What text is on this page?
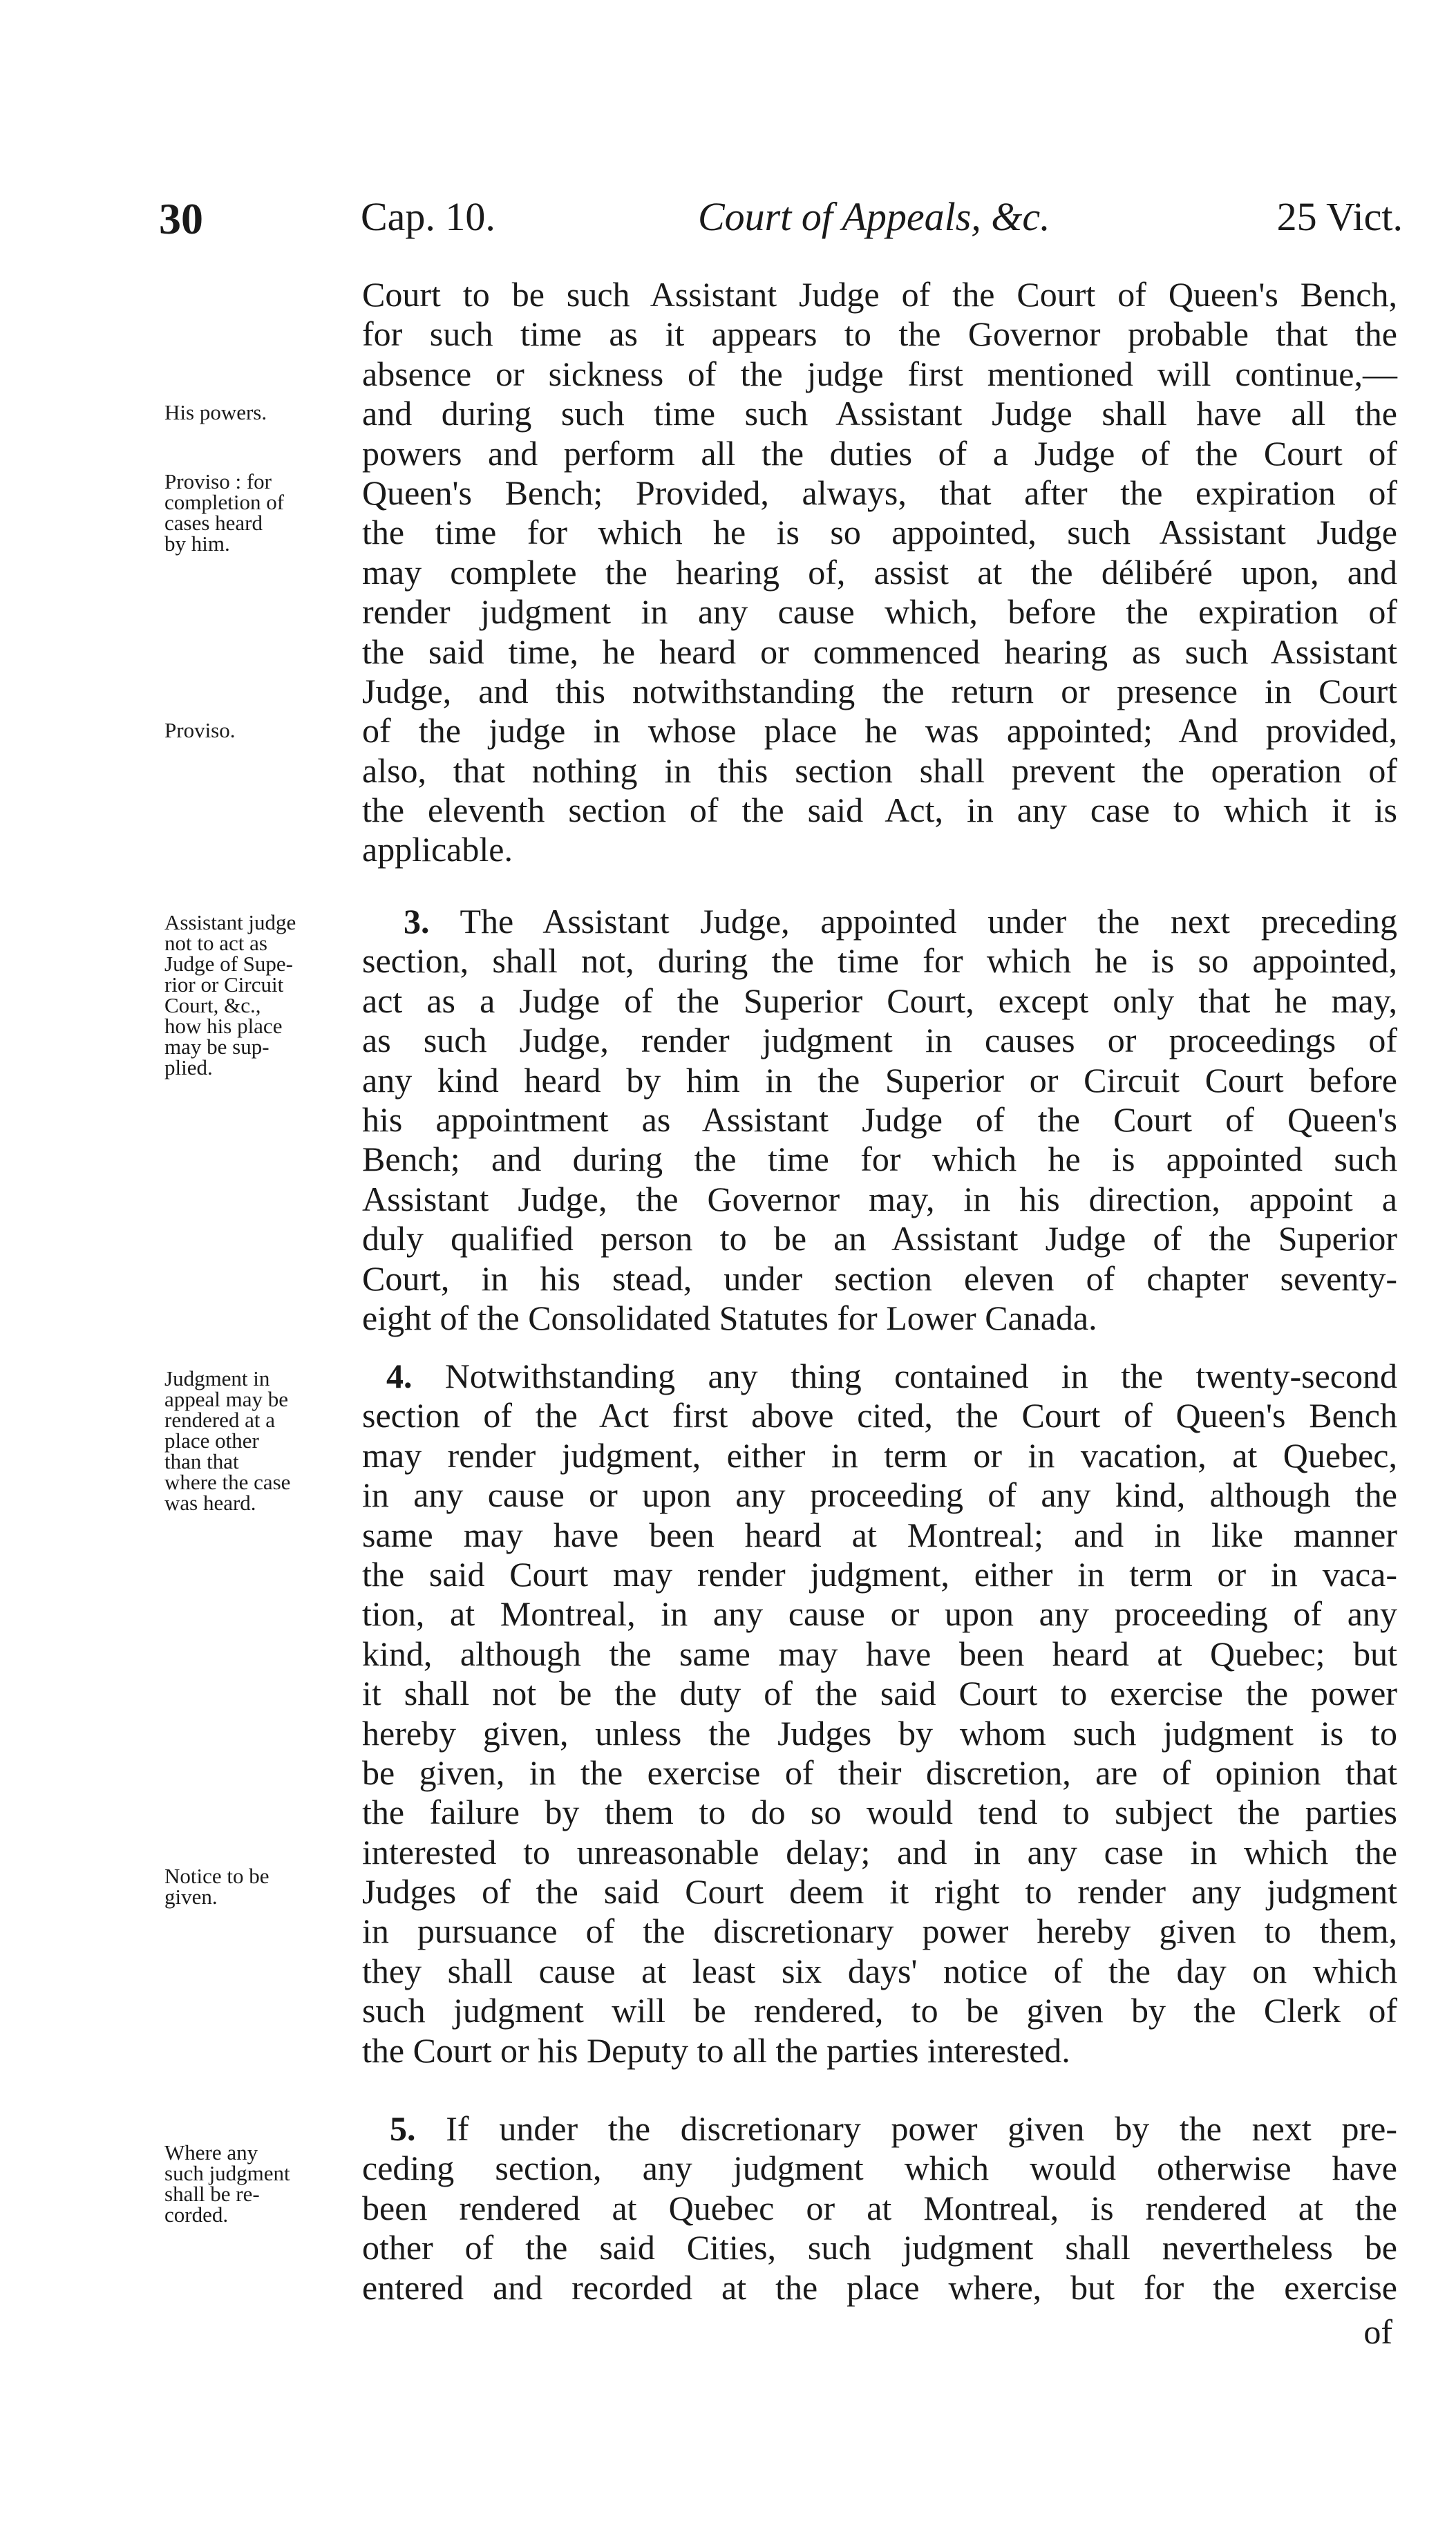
30	Cap. 10.	Court of Appeals, &c.	25 Vict.
His powers.
Proviso : for
completion of
cases heard
by him.
Proviso.
Assistant judge
not to act as
Judge of Supe-
rior or Circuit
Court, &c.,
how his place
may be sup-
plied.
Judgment in
appeal may be
rendered at a
place other
than that
where the case
was heard.
Notice to be
given.
Where any
such judgment
shall be re-
corded.
Court to be such Assistant Judge of the Court of Queen's Bench,
for such time as it appears to the Governor probable that the
absence or sickness of the judge first mentioned will continue,—
and during such time such Assistant Judge shall have all the
powers and perform all the duties of a Judge of the Court of
Queen's Bench; Provided, always, that after the expiration of
the time for which he is so appointed, such Assistant Judge
may complete the hearing of, assist at the délibéré upon, and
render judgment in any cause which, before the expiration of
the said time, he heard or commenced hearing as such Assistant
Judge, and this notwithstanding the return or presence in Court
of the judge in whose place he was appointed; And provided,
also, that nothing in this section shall prevent the operation of
the eleventh section of the said Act, in any case to which it is
applicable.
3. The Assistant Judge, appointed under the next preceding
section, shall not, during the time for which he is so appointed,
act as a Judge of the Superior Court, except only that he may,
as such Judge, render judgment in causes or proceedings of
any kind heard by him in the Superior or Circuit Court before
his appointment as Assistant Judge of the Court of Queen's
Bench; and during the time for which he is appointed such
Assistant Judge, the Governor may, in his direction, appoint a
duly qualified person to be an Assistant Judge of the Superior
Court, in his stead, under section eleven of chapter seventy-
eight of the Consolidated Statutes for Lower Canada.
4. Notwithstanding any thing contained in the twenty-second
section of the Act first above cited, the Court of Queen's Bench
may render judgment, either in term or in vacation, at Quebec,
in any cause or upon any proceeding of any kind, although the
same may have been heard at Montreal; and in like manner
the said Court may render judgment, either in term or in vaca-
tion, at Montreal, in any cause or upon any proceeding of any
kind, although the same may have been heard at Quebec; but
it shall not be the duty of the said Court to exercise the power
hereby given, unless the Judges by whom such judgment is to
be given, in the exercise of their discretion, are of opinion that
the failure by them to do so would tend to subject the parties
interested to unreasonable delay; and in any case in which the
Judges of the said Court deem it right to render any judgment
in pursuance of the discretionary power hereby given to them,
they shall cause at least six days' notice of the day on which
such judgment will be rendered, to be given by the Clerk of
the Court or his Deputy to all the parties interested.
5. If under the discretionary power given by the next pre-
ceding section, any judgment which would otherwise have
been rendered at Quebec or at Montreal, is rendered at the
other of the said Cities, such judgment shall nevertheless be
entered and recorded at the place where, but for the exercise
of
